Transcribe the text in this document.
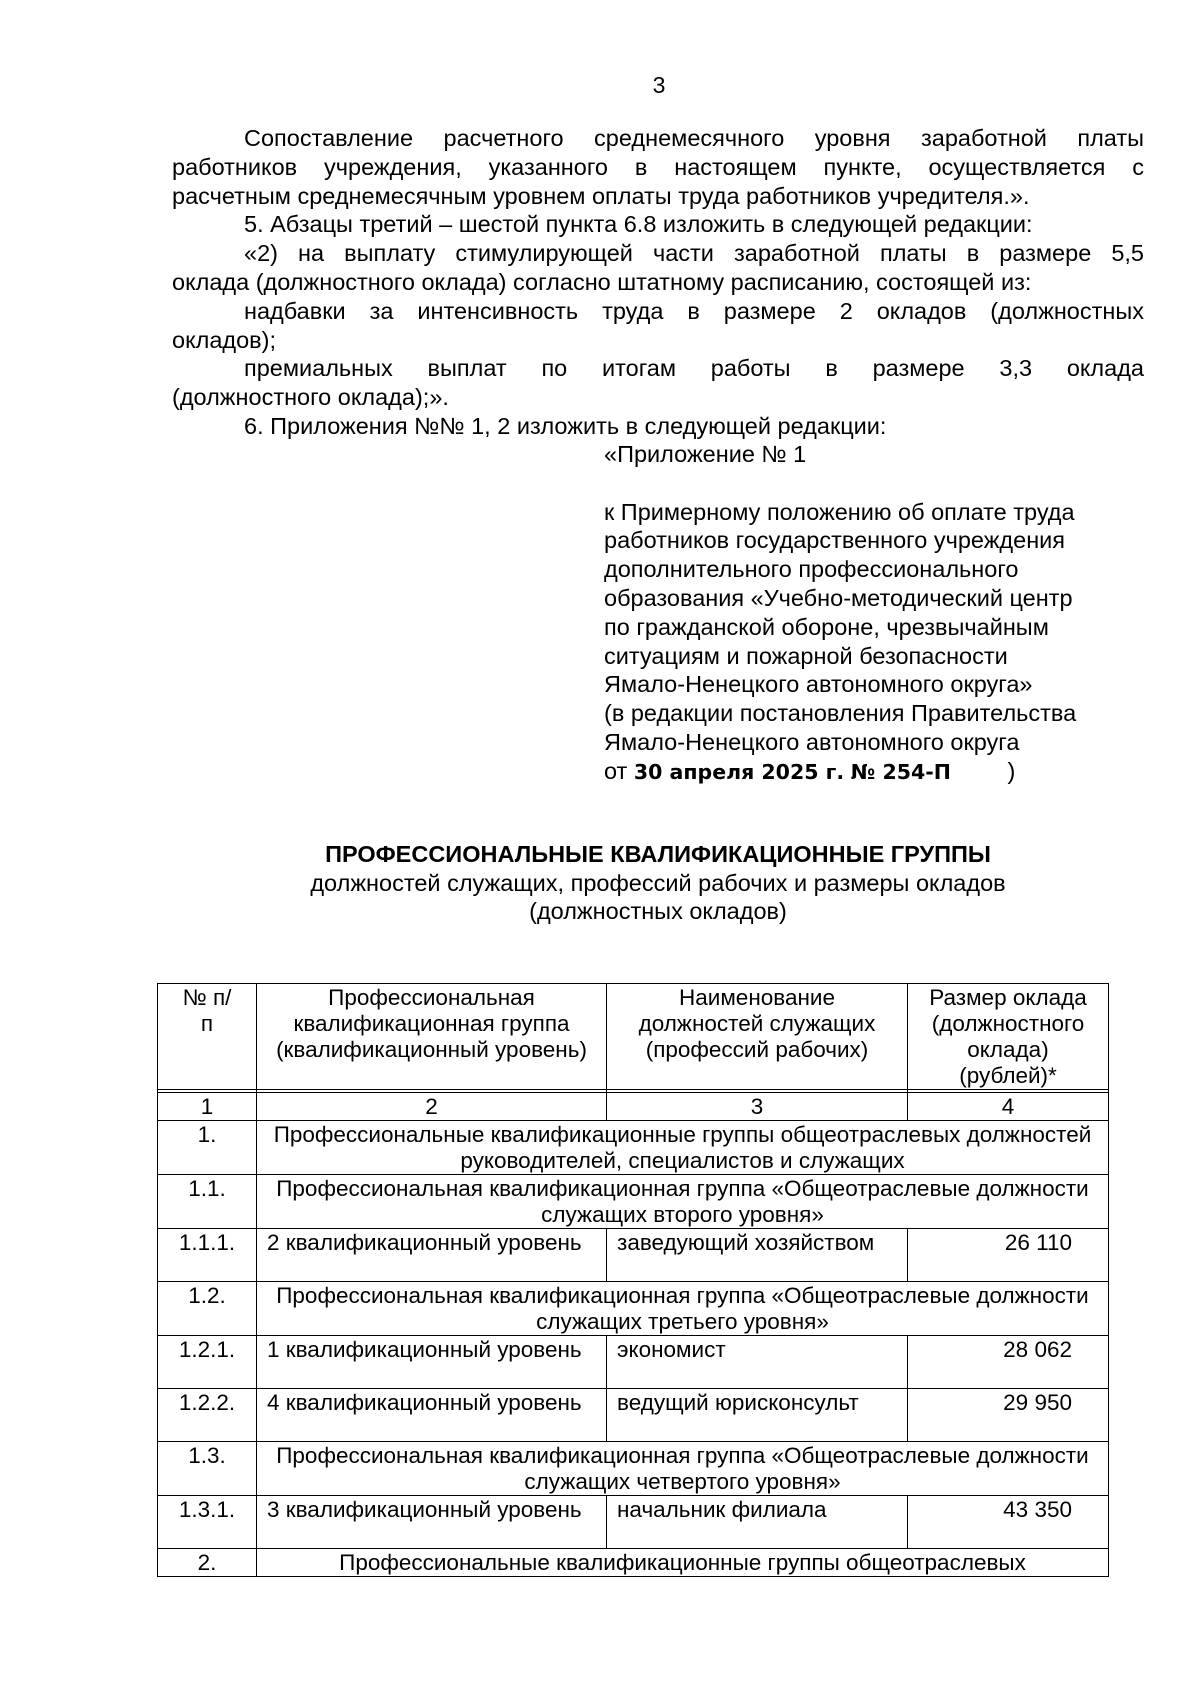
3

Сопоставление расчетного среднемесячного уровня заработной платы

работников учреждения, указанного в настоящем пункте, осуществляется с

расчетным среднемесячным уровнем оплаты труда работников учредителя.».

5. Абзацы третий – шестой пункта 6.8 изложить в следующей редакции:

«2) на выплату стимулирующей части заработной платы в размере 5,5

оклада (должностного оклада) согласно штатному расписанию, состоящей из:

надбавки за интенсивность труда в размере 2 окладов (должностных

окладов);

премиальных выплат по итогам работы в размере 3,3 оклада

(должностного оклада);».

6. Приложения №№ 1, 2 изложить в следующей редакции:

«Приложение № 1
к Примерному положению об оплате труда
работников государственного учреждения
дополнительного профессионального
образования «Учебно-методический центр
по гражданской обороне, чрезвычайным
ситуациям и пожарной безопасности
Ямало-Ненецкого автономного округа»
(в редакции постановления Правительства
Ямало-Ненецкого автономного округа
от 30 апреля 2025 г. № 254-П )
ПРОФЕССИОНАЛЬНЫЕ КВАЛИФИКАЦИОННЫЕ ГРУППЫ
должностей служащих, профессий рабочих и размеры окладов
(должностных окладов)
№ п/п	Профессиональная квалификационная группа (квалификационный уровень)	Наименование должностей служащих (профессий рабочих)	Размер оклада (должностного оклада) (рублей)*

1	2	3	4
1.	Профессиональные квалификационные группы общеотраслевых должностей руководителей, специалистов и служащих		
1.1.	Профессиональная квалификационная группа «Общеотраслевые должности служащих второго уровня»		
1.1.1.	2 квалификационный уровень	заведующий хозяйством	26 110
1.2.	Профессиональная квалификационная группа «Общеотраслевые должности служащих третьего уровня»		
1.2.1.	1 квалификационный уровень	экономист	28 062
1.2.2.	4 квалификационный уровень	ведущий юрисконсульт	29 950
1.3.	Профессиональная квалификационная группа «Общеотраслевые должности служащих четвертого уровня»		
1.3.1.	3 квалификационный уровень	начальник филиала	43 350
2.	Профессиональные квалификационные группы общеотраслевых		
